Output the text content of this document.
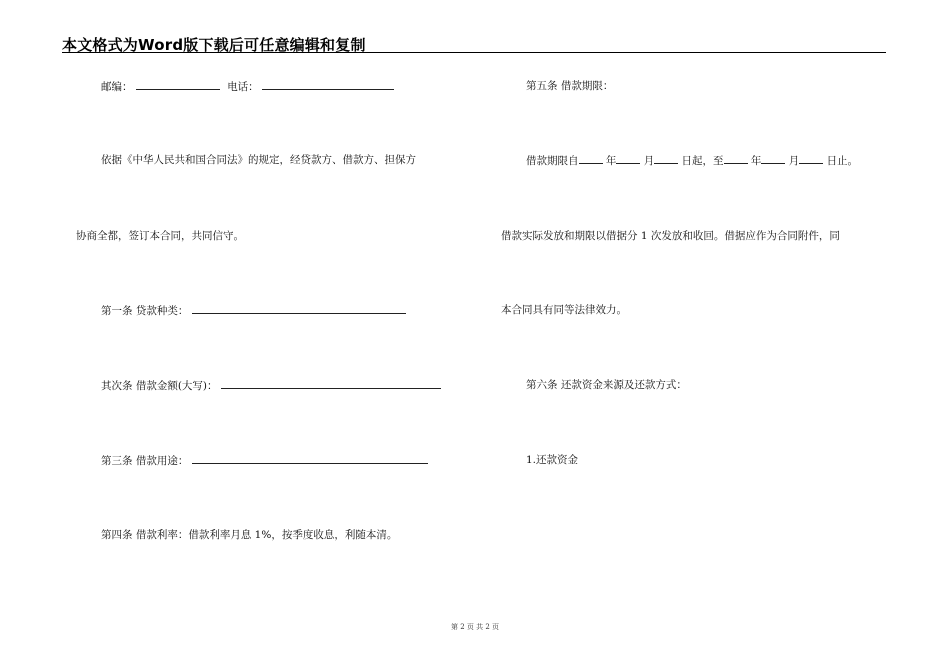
本文格式为Word版下载后可任意编辑和复制
邮编：	电话：
依据《中华人民共和国合同法》的规定，经贷款方、借款方、担保方
协商全都，签订本合同，共同信守。
第一条 贷款种类：
其次条 借款金额(大写)：
第三条 借款用途：
第四条 借款利率：借款利率月息 1%，按季度收息，利随本清。
第五条 借款期限：
借款期限自	年	月	日起，至	年	月	日止。
借款实际发放和期限以借据分 1 次发放和收回。借据应作为合同附件，同
本合同具有同等法律效力。
第六条 还款资金来源及还款方式：
1.还款资金
第 2 页 共 2 页
